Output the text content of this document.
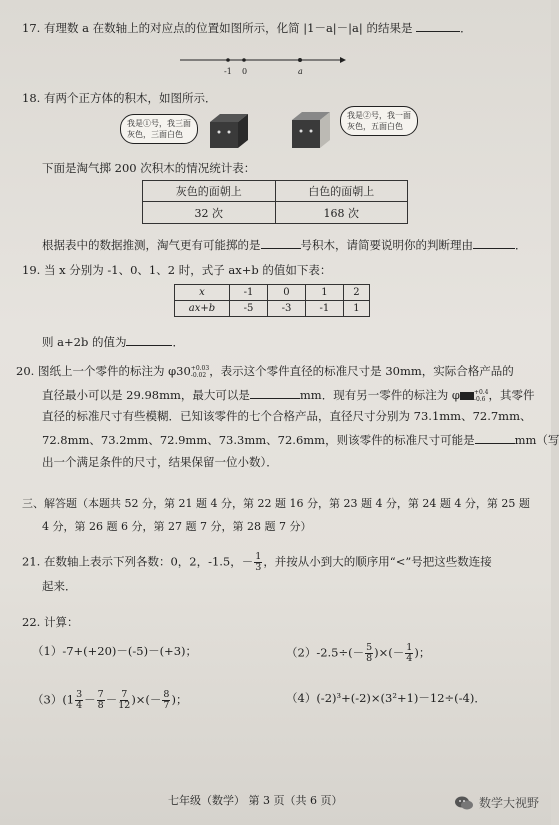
17. 有理数 a 在数轴上的对应点的位置如图所示，化简 |1－a|－|a| 的结果是	．
-1 0	a
18. 有两个正方体的积木，如图所示．
我是①号，我三面
灰色，三面白色
我是②号，我一面
灰色，五面白色
下面是淘气掷 200 次积木的情况统计表：
灰色的面朝上	白色的面朝上
32 次	168 次
根据表中的数据推测，淘气更有可能掷的是	号积木，请简要说明你的判断理由	．
19. 当 x 分别为 -1、0、1、2 时，式子 ax+b 的值如下表：
x	-1	0	1	2
ax+b	-5	-3	-1	1
则 a+2b 的值为	．
20. 图纸上一个零件的标注为 φ30 +0.03
-0.02 ，表示这个零件直径的标准尺寸是 30mm，实际合格产品的
直径最小可以是 29.98mm，最大可以是	mm．现有另一零件的标注为 φ +0.4
-0.6 ，其零件
直径的标准尺寸有些模糊．已知该零件的七个合格产品，直径尺寸分别为 73.1mm、72.7mm、
72.8mm、73.2mm、72.9mm、73.3mm、72.6mm，则该零件的标准尺寸可能是	mm（写
出一个满足条件的尺寸，结果保留一位小数）．
三、解答题（本题共 52 分，第 21 题 4 分，第 22 题 16 分，第 23 题 4 分，第 24 题 4 分，第 25 题
4 分，第 26 题 6 分，第 27 题 7 分，第 28 题 7 分）
21. 在数轴上表示下列各数：0，2，-1.5，－ $\frac{1}{3}$ ，并按从小到大的顺序用“<”号把这些数连接
起来．
22. 计算：
（1）-7+(+20)－(-5)－(+3)；	$(2)-2.5\div(- \frac{5}{8}$ )×(－ $\frac{1}{4}$ )；
$(3)(1 \frac{3}{4} - \frac{7}{8} - \frac{7}{12}$ )×(－ $\frac{8}{7}$ )；	（4）(-2)³+(-2)×(3²+1)－12÷(-4)．
七年级（数学） 第 3 页（共 6 页）	数学大视野
